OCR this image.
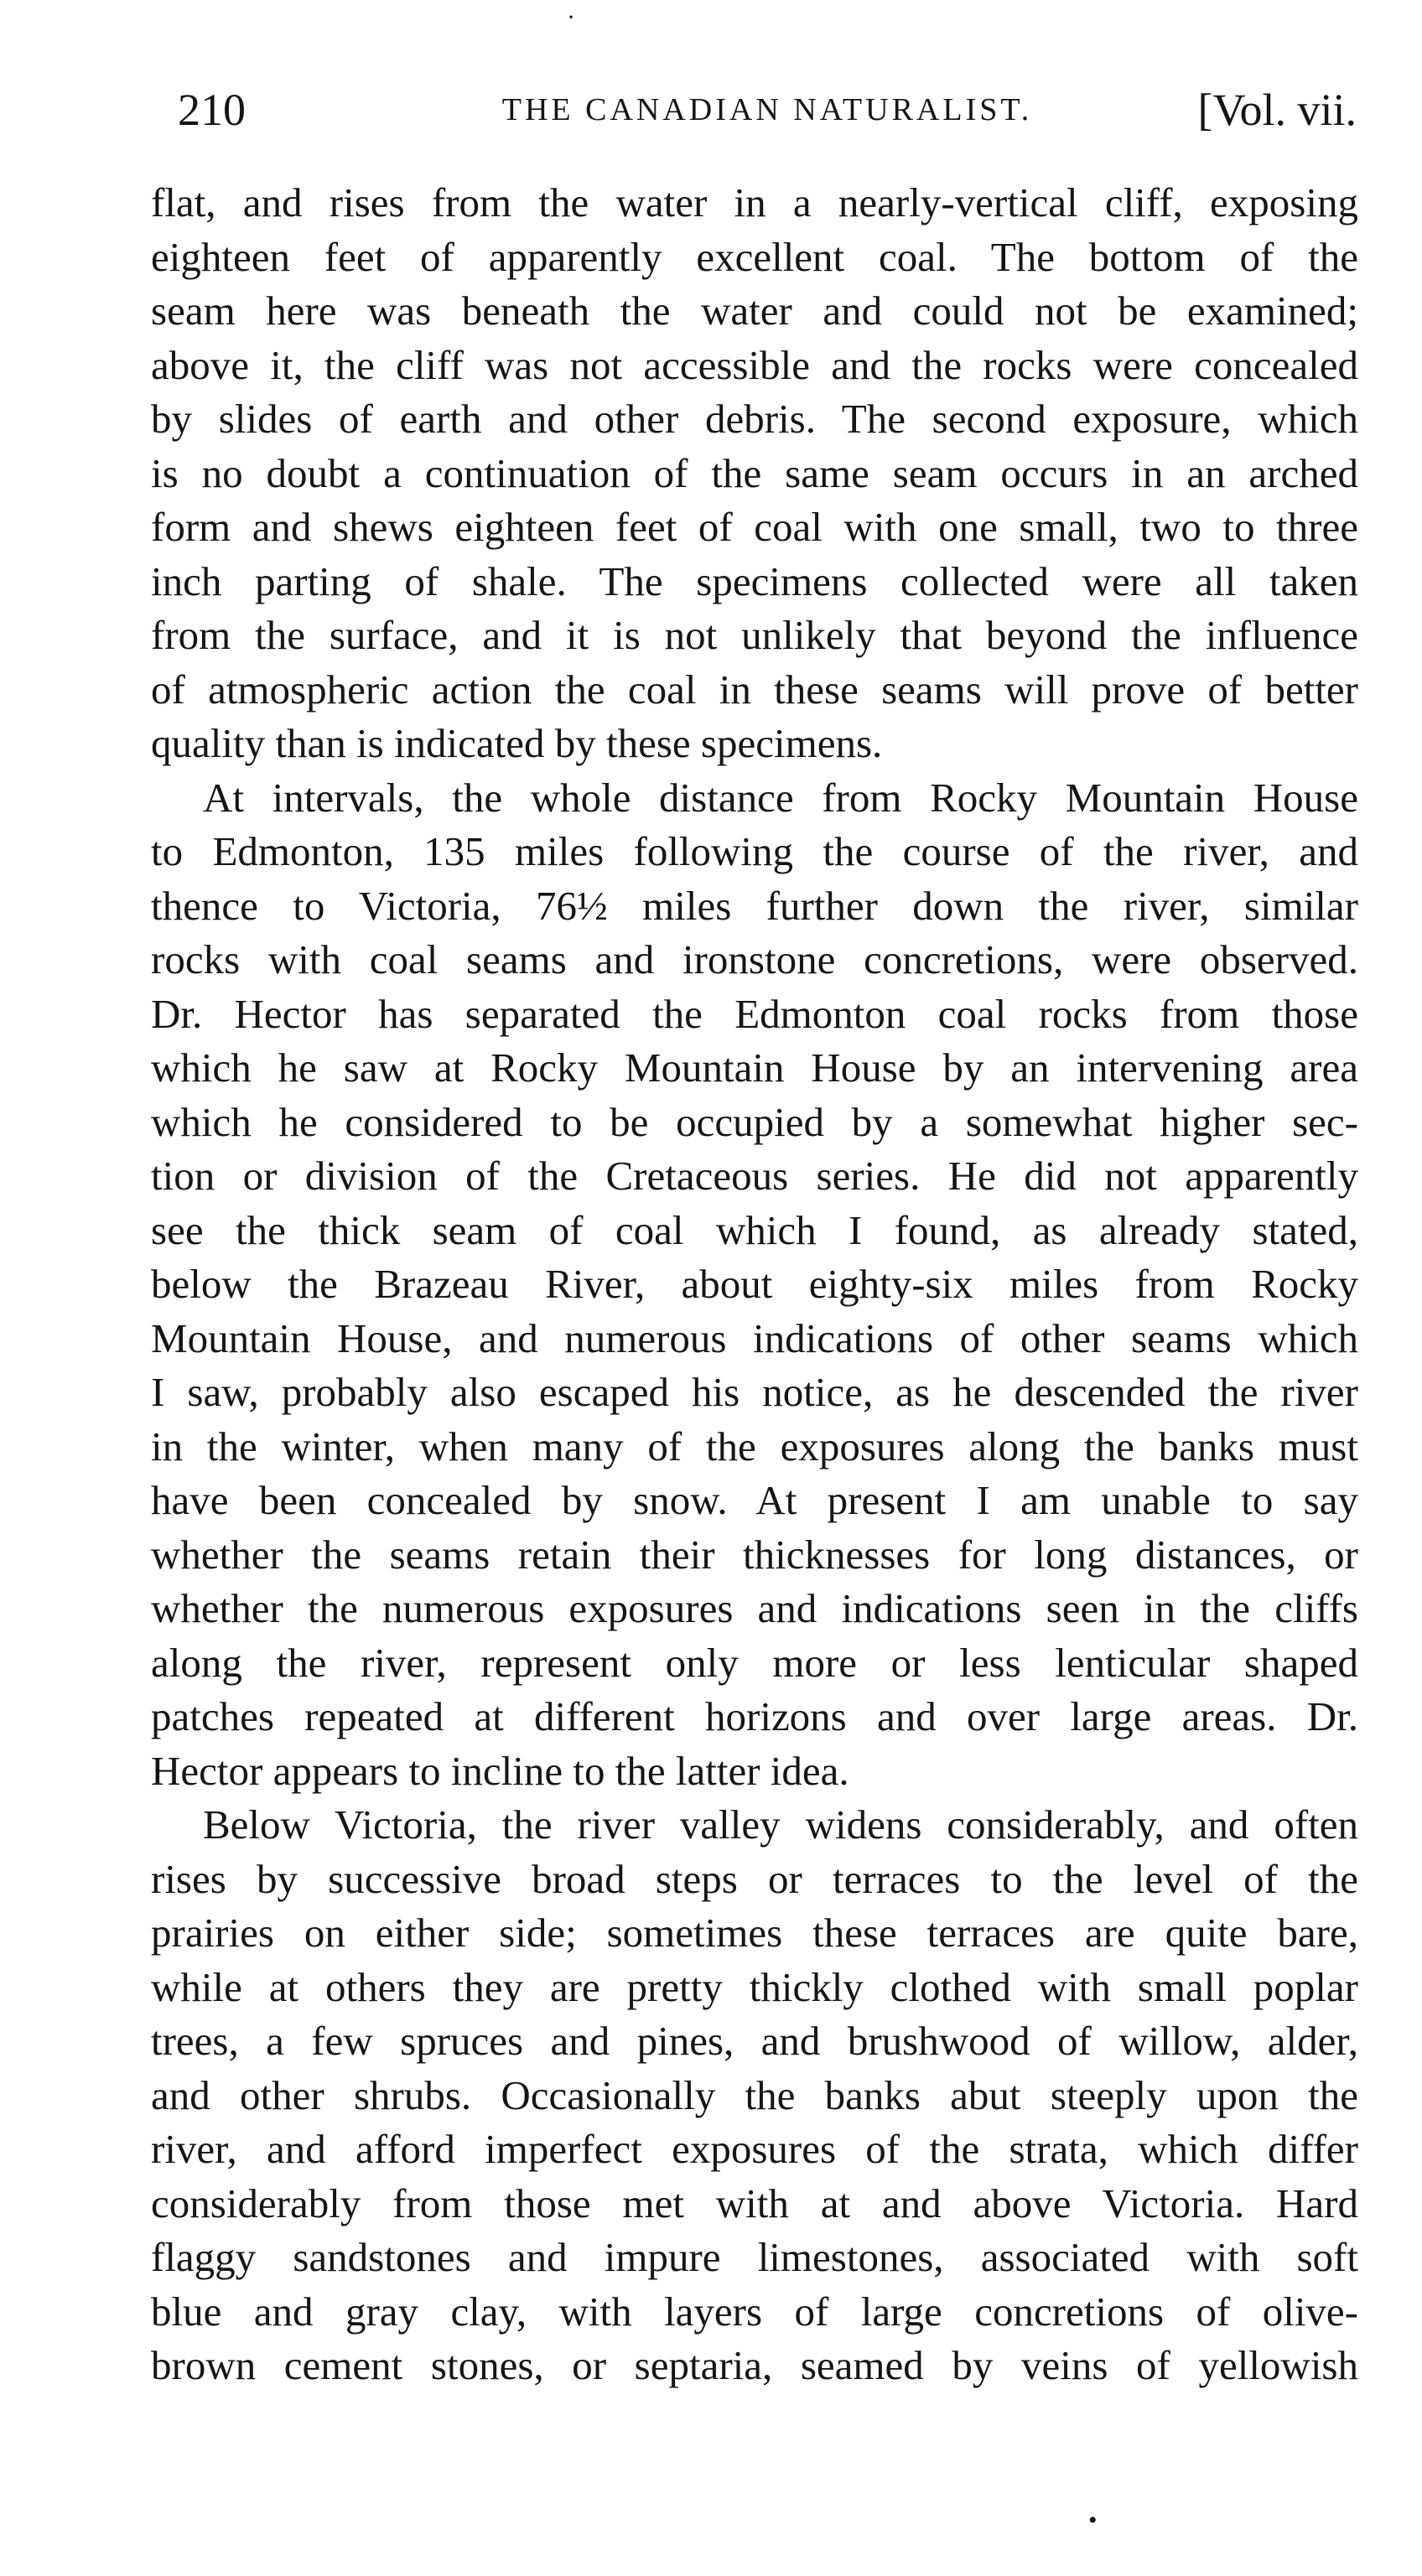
·
210	THE CANADIAN NATURALIST.	[Vol. vii.
flat, and rises from the water in a nearly-vertical cliff, exposing
eighteen feet of apparently excellent coal. The bottom of the
seam here was beneath the water and could not be examined;
above it, the cliff was not accessible and the rocks were concealed
by slides of earth and other debris. The second exposure, which
is no doubt a continuation of the same seam occurs in an arched
form and shews eighteen feet of coal with one small, two to three
inch parting of shale. The specimens collected were all taken
from the surface, and it is not unlikely that beyond the influence
of atmospheric action the coal in these seams will prove of better
quality than is indicated by these specimens.
At intervals, the whole distance from Rocky Mountain House
to Edmonton, 135 miles following the course of the river, and
thence to Victoria, 76½ miles further down the river, similar
rocks with coal seams and ironstone concretions, were observed.
Dr. Hector has separated the Edmonton coal rocks from those
which he saw at Rocky Mountain House by an intervening area
which he considered to be occupied by a somewhat higher sec-
tion or division of the Cretaceous series. He did not apparently
see the thick seam of coal which I found, as already stated,
below the Brazeau River, about eighty-six miles from Rocky
Mountain House, and numerous indications of other seams which
I saw, probably also escaped his notice, as he descended the river
in the winter, when many of the exposures along the banks must
have been concealed by snow. At present I am unable to say
whether the seams retain their thicknesses for long distances, or
whether the numerous exposures and indications seen in the cliffs
along the river, represent only more or less lenticular shaped
patches repeated at different horizons and over large areas. Dr.
Hector appears to incline to the latter idea.
Below Victoria, the river valley widens considerably, and often
rises by successive broad steps or terraces to the level of the
prairies on either side; sometimes these terraces are quite bare,
while at others they are pretty thickly clothed with small poplar
trees, a few spruces and pines, and brushwood of willow, alder,
and other shrubs. Occasionally the banks abut steeply upon the
river, and afford imperfect exposures of the strata, which differ
considerably from those met with at and above Victoria. Hard
flaggy sandstones and impure limestones, associated with soft
blue and gray clay, with layers of large concretions of olive-
brown cement stones, or septaria, seamed by veins of yellowish
•
